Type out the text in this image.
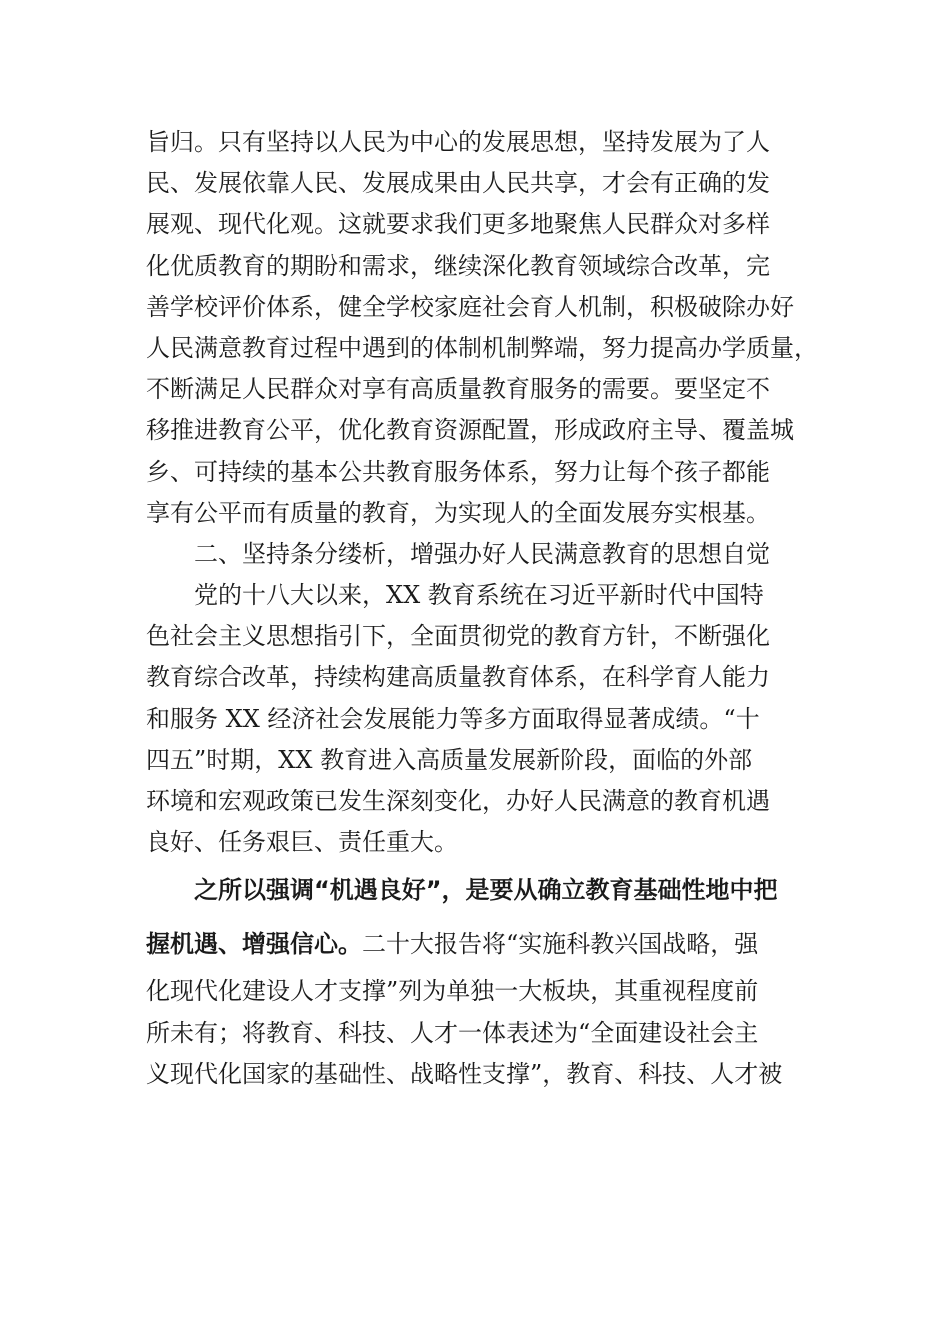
旨归。只有坚持以人民为中心的发展思想，坚持发展为了人
民、发展依靠人民、发展成果由人民共享，才会有正确的发
展观、现代化观。这就要求我们更多地聚焦人民群众对多样
化优质教育的期盼和需求，继续深化教育领域综合改革，完
善学校评价体系，健全学校家庭社会育人机制，积极破除办好
人民满意教育过程中遇到的体制机制弊端，努力提高办学质量，
不断满足人民群众对享有高质量教育服务的需要。要坚定不
移推进教育公平，优化教育资源配置，形成政府主导、覆盖城
乡、可持续的基本公共教育服务体系，努力让每个孩子都能
享有公平而有质量的教育，为实现人的全面发展夯实根基。
二、坚持条分缕析，增强办好人民满意教育的思想自觉
党的十八大以来，XX 教育系统在习近平新时代中国特
色社会主义思想指引下，全面贯彻党的教育方针，不断强化
教育综合改革，持续构建高质量教育体系，在科学育人能力
和服务 XX 经济社会发展能力等多方面取得显著成绩。“十
四五”时期，XX 教育进入高质量发展新阶段，面临的外部
环境和宏观政策已发生深刻变化，办好人民满意的教育机遇
良好、任务艰巨、责任重大。
之所以强调“机遇良好”，是要从确立教育基础性地中把
握机遇、增强信心。二十大报告将“实施科教兴国战略，强
化现代化建设人才支撑”列为单独一大板块，其重视程度前
所未有；将教育、科技、人才一体表述为“全面建设社会主
义现代化国家的基础性、战略性支撑”，教育、科技、人才被
